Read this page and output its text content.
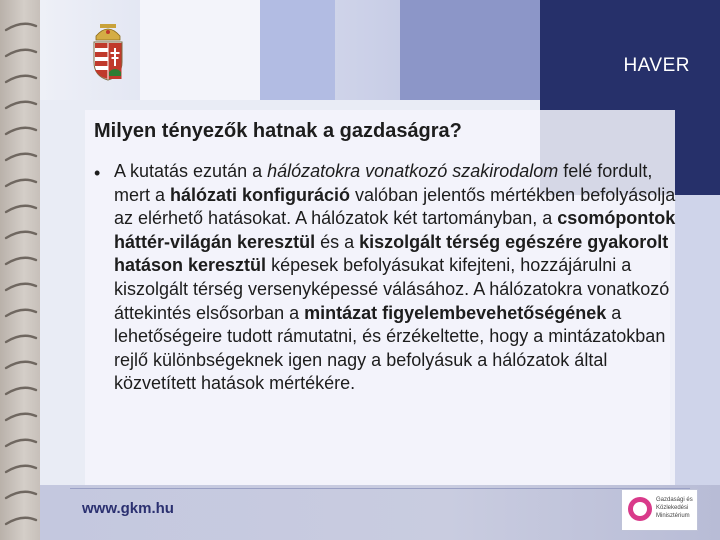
HAVER
Milyen tényezők hatnak a gazdaságra?
• A kutatás ezután a hálózatokra vonatkozó szakirodalom felé fordult, mert a hálózati konfiguráció valóban jelentős mértékben befolyásolja az elérhető hatásokat. A hálózatok két tartományban, a csomópontok háttér-világán keresztül és a kiszolgált térség egészére gyakorolt hatáson keresztül képesek befolyásukat kifejteni, hozzájárulni a kiszolgált térség versenyképessé válásához. A hálózatokra vonatkozó áttekintés elsősorban a mintázat figyelembevehetőségének a lehetőségeire tudott rámutatni, és érzékeltette, hogy a mintázatokban rejlő különbségeknek igen nagy a befolyásuk a hálózatok által közvetített hatások mértékére.
www.gkm.hu	Gazdasági és
Közlekedési
Minisztérium
